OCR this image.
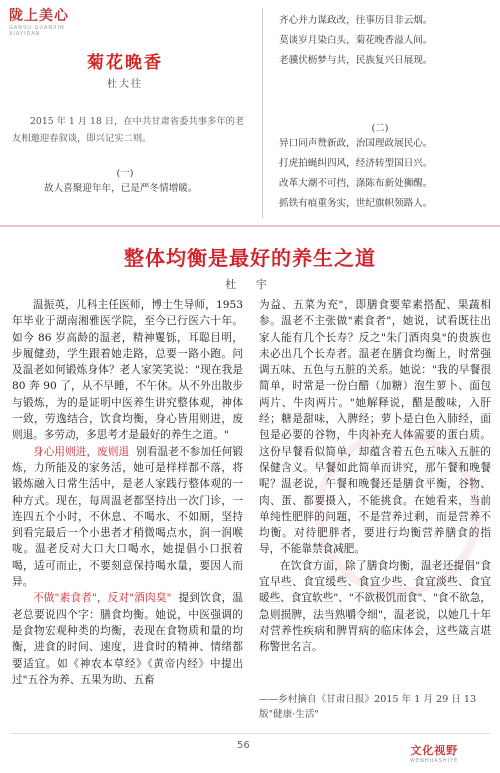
陇上美心
GANSU GUANXIN
XIAYIDAN
菊花晚香
杜大往
2015 年 1 月 18 日，在中共甘肃省委共事多年的老友相邀迎春叙谈，即兴记实二则。
(一)
故人喜聚迎年年，已是严冬情增暖。
齐心并力谋政改，往事历目非云烟。
莫谈岁月染白头，菊花晚香溢人间。
老骥伏枥梦与共，民族复兴日展现。
(二)
异口同声赞新政，治国理政展民心。
打虎拍蝇纠四风，经济转型国日兴。
改革大潮不可挡，涤陈布新处狮醒。
抓铁有痕重务实，世纪旗帜领路人。
整体均衡是最好的养生之道
杜 宇

温振英，儿科主任医师，博士生导师，1953 年毕业于湖南湘雅医学院，至今已行医六十年。如今 86 岁高龄的温老，精神矍铄，耳聪目明，步履健劲，学生跟着她走路，总要一路小跑。问及温老如何锻炼身体？老人家笑笑说："现在我是 80 奔 90 了，从不早睡，不午休。从不外出散步与锻炼，为的是证明中医养生讲究整体观，神体一致，劳逸结合，饮食均衡，身心皆用则进，废则退。多劳动，多思考才是最好的养生之道。"

身心用则进，废则退 别看温老不参加任何锻炼，力所能及的家务活，她可是样样都不落，将锻炼融入日常生活中，是老人家践行整体观的一种方式。现在，每周温老都坚持出一次门诊，一连四五个小时，不休息、不喝水、不如厕，坚持到看完最后一个小患者才稍微喝点水，润一润喉咙。温老反对大口大口喝水，她提倡小口抿着喝，适可而止，不要刻意保持喝水量，要因人而异。

不做"素食者"，反对"酒肉臭" 提到饮食，温老总要说四个字：膳食均衡。她说，中医强调的是食物宏观种类的均衡，表现在食物质和量的均衡，进食的时间、速度，进食时的精神、情绪都要适宜。如《神农本草经》《黄帝内经》中提出过"五谷为养、五果为助、五畜

为益、五菜为充"，即膳食要荤素搭配、果蔬相参。温老不主张做"素食者"，她说，试看既往出家人能有几个长寿？反之"朱门酒肉臭"的贵族也未必出几个长寿者。温老在膳食均衡上，时常强调五味、五色与五脏的关系。她说："我的早餐很简单，时常是一份白醋（加糖）泡生萝卜、面包两片、牛肉两片。"她解释说，醋是酸味，入肝经；糖是甜味，入脾经；萝卜是白色入肺经，面包是必要的谷物，牛肉补充人体需要的蛋白质。这份早餐看似简单，却蕴含着五色五味入五脏的保健含义。早餐如此简单而讲究，那午餐和晚餐呢？温老说，午餐和晚餐还是膳食平衡，谷物、肉、蛋、都要摄入，不能挑食。在她看来，当前单纯性肥胖的问题，不是营养过剩，而是营养不均衡。对待肥胖者，要进行均衡营养膳食的指导，不能靠禁食减肥。

在饮食方面，除了膳食均衡，温老还提倡"食宜早些、食宜缓些、食宜少些、食宜淡些、食宜暖些、食宜软些"、"不欲极饥而食"、"食不欲急，急则损脾，法当熟嚼令细"，温老说，以她几十年对营养性疾病和脾胃病的临床体会，这些箴言堪称警世名言。

——乡村摘自《甘肃日报》2015 年 1 月 29 日 13 版"健康·生活"
56	文化视野
WENHUASHIYE
